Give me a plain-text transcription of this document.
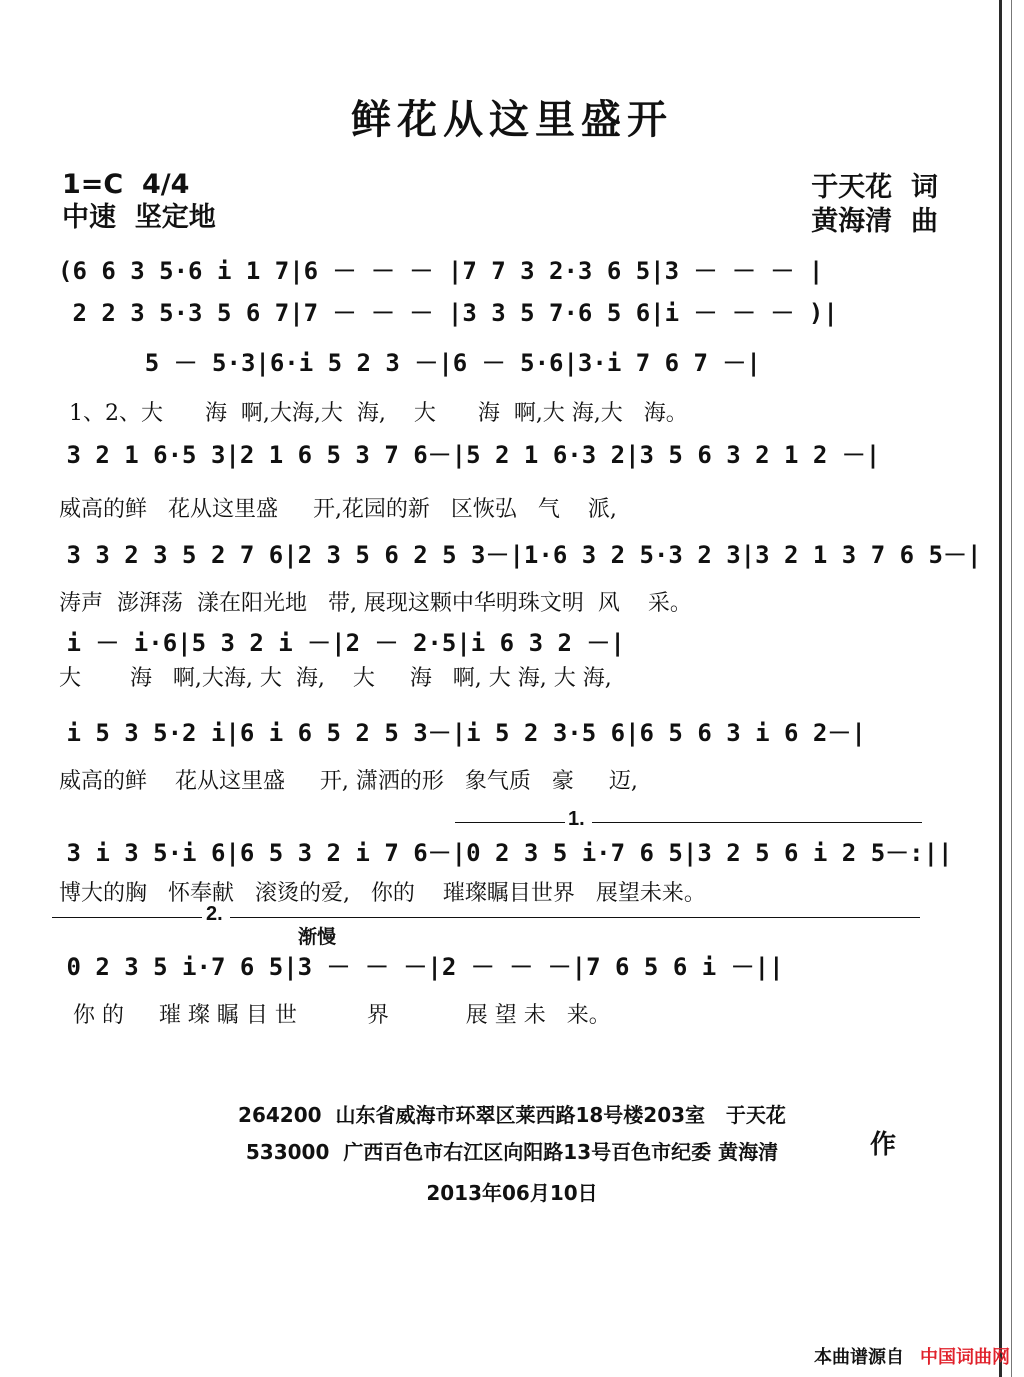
鲜花从这里盛开
1=C  4/4
中速  坚定地
于天花  词
黄海清  曲
(6 6 3 5·6 i 1 7|6 － － － |7 7 3 2·3 6 5|3 － － － |
2 2 3 5·3 5 6 7|7 － － － |3 3 5 7·6 5 6|i － － － )|
5 － 5·3|6·i 5 2 3 －|6 － 5·6|3·i 7 6 7 －|
1、2、大      海  啊,大海,大  海,    大      海  啊,大 海,大   海。
3 2 1 6·5 3|2 1 6 5 3 7 6－|5 2 1 6·3 2|3 5 6 3 2 1 2 －|
威高的鲜   花从这里盛     开,花园的新   区恢弘   气    派,
3 3 2 3 5 2 7 6|2 3 5 6 2 5 3－|1·6 3 2 5·3 2 3|3 2 1 3 7 6 5－|
涛声  澎湃荡  漾在阳光地   带, 展现这颗中华明珠文明  风    采。
i － i·6|5 3 2 i －|2 － 2·5|i 6 3 2 －|
大       海   啊,大海, 大  海,    大     海   啊, 大 海, 大 海,
i 5 3 5·2 i|6 i 6 5 2 5 3－|i 5 2 3·5 6|6 5 6 3 i 6 2－|
威高的鲜    花从这里盛     开, 潇洒的形   象气质   豪     迈,
1.
3 i 3 5·i 6|6 5 3 2 i 7 6－|0 2 3 5 i·7 6 5|3 2 5 6 i 2 5－:||
博大的胸   怀奉献   滚烫的爱,   你的    璀璨瞩目世界   展望未来。
2.
渐慢
0 2 3 5 i·7 6 5|3 － － －|2 － － －|7 6 5 6 i －||
你 的     璀 璨 瞩 目 世          界           展 望 未   来。
264200  山东省威海市环翠区莱西路18号楼203室   于天花
533000  广西百色市右江区向阳路13号百色市纪委 黄海清	作
2013年06月10日
本曲谱源自 中国词曲网
